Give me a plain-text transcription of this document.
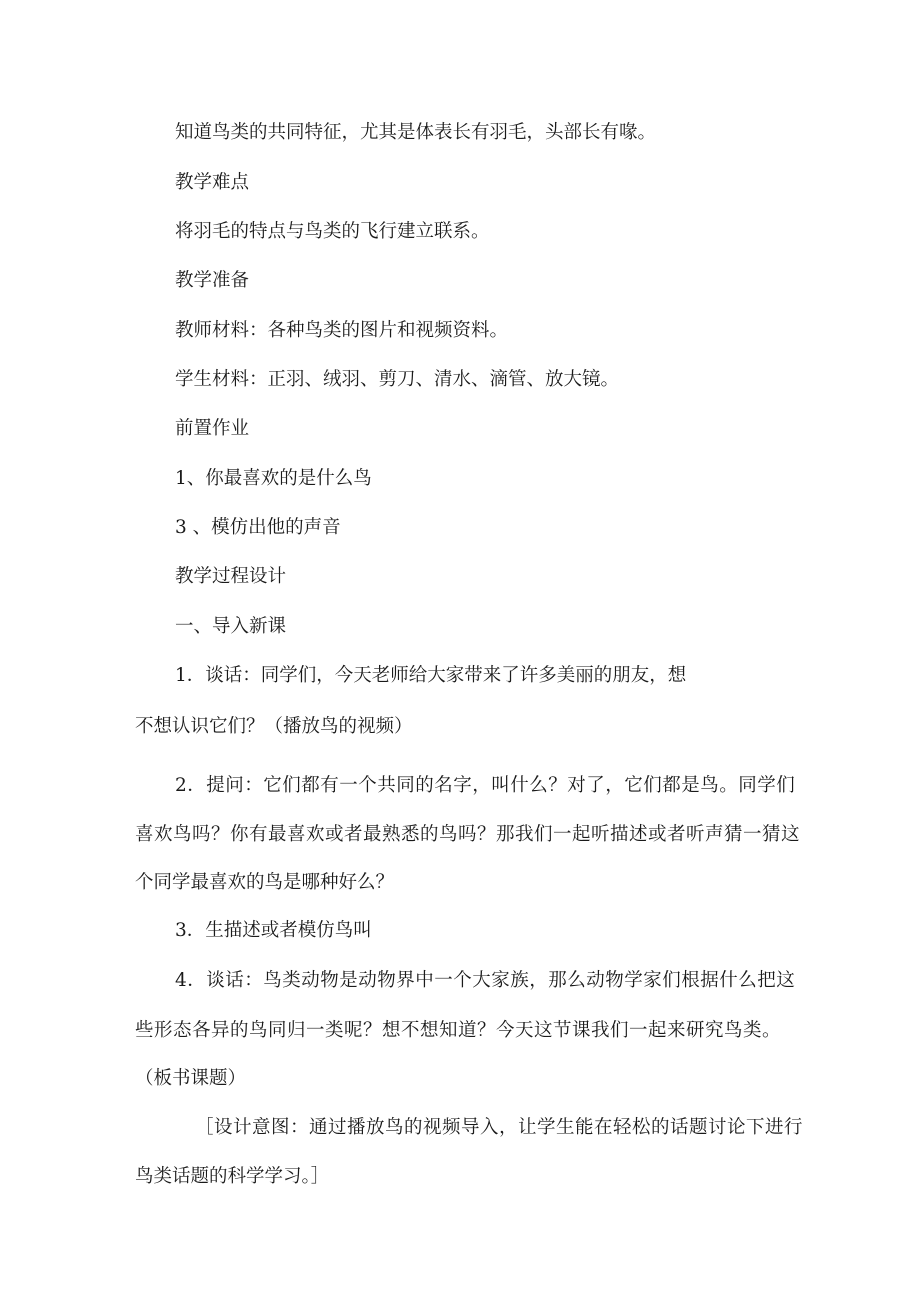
知道鸟类的共同特征，尤其是体表长有羽毛，头部长有喙。

教学难点

将羽毛的特点与鸟类的飞行建立联系。

教学准备

教师材料：各种鸟类的图片和视频资料。

学生材料：正羽、绒羽、剪刀、清水、滴管、放大镜。

前置作业

1、你最喜欢的是什么鸟

3 、模仿出他的声音

教学过程设计

一、导入新课

1．谈话：同学们，今天老师给大家带来了许多美丽的朋友，想

不想认识它们？（播放鸟的视频）

2．提问：它们都有一个共同的名字，叫什么？对了，它们都是鸟。同学们

喜欢鸟吗？你有最喜欢或者最熟悉的鸟吗？那我们一起听描述或者听声猜一猜这

个同学最喜欢的鸟是哪种好么？

3．生描述或者模仿鸟叫

4．谈话：鸟类动物是动物界中一个大家族，那么动物学家们根据什么把这

些形态各异的鸟同归一类呢？想不想知道？今天这节课我们一起来研究鸟类。

（板书课题）

［设计意图：通过播放鸟的视频导入，让学生能在轻松的话题讨论下进行

鸟类话题的科学学习。］
